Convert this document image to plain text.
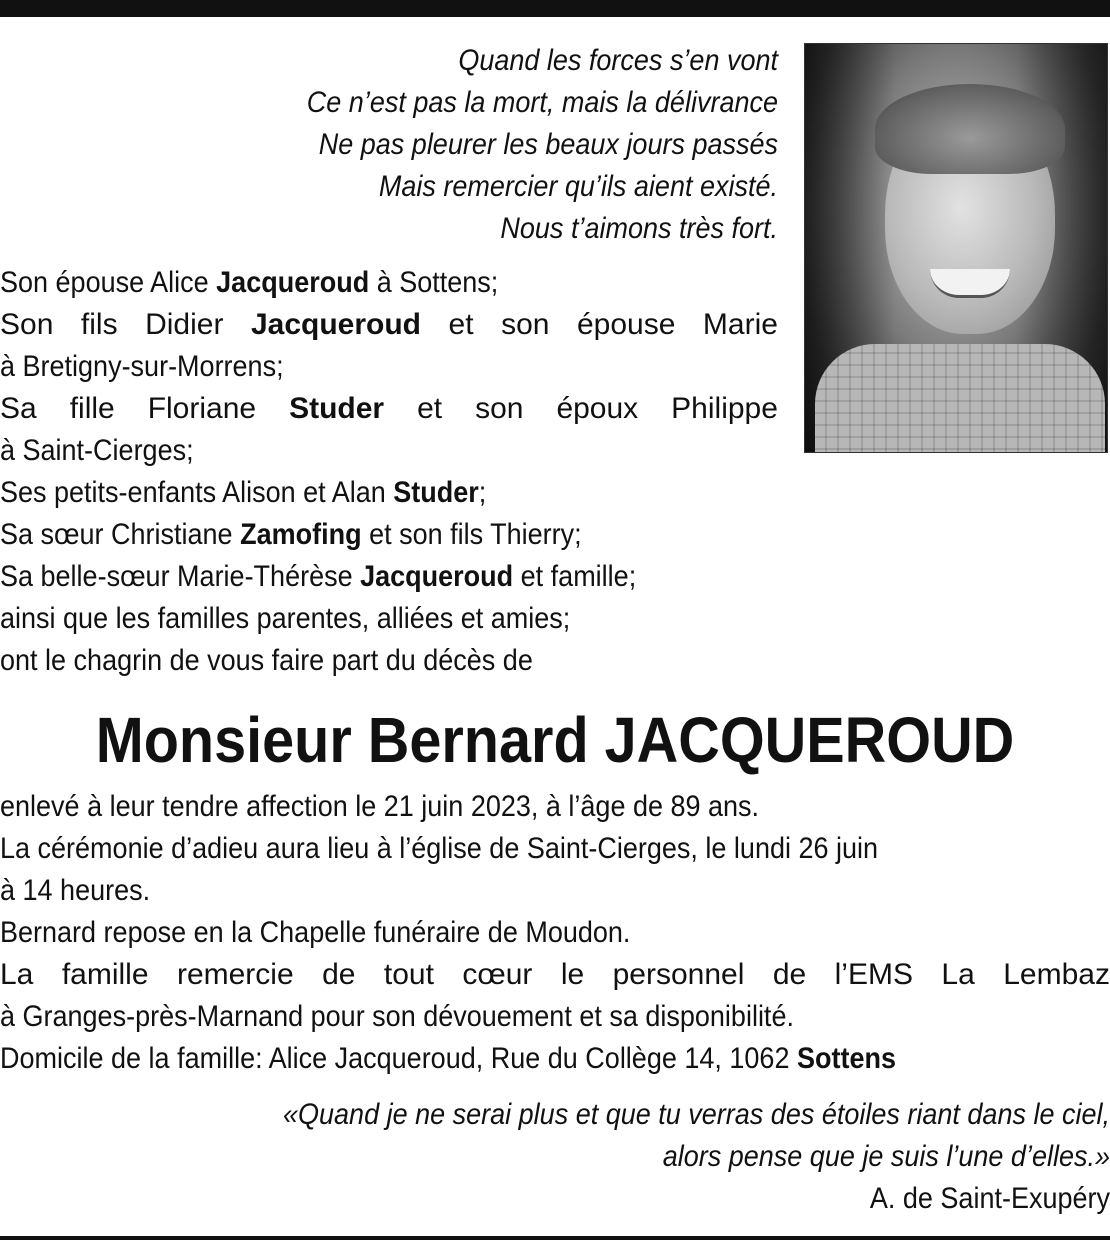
Quand les forces s’en vont
Ce n’est pas la mort, mais la délivrance
Ne pas pleurer les beaux jours passés
Mais remercier qu’ils aient existé.
Nous t’aimons très fort.
Son épouse Alice Jacqueroud à Sottens;
Son fils Didier Jacqueroud et son épouse Marie
à Bretigny-sur-Morrens;
Sa fille Floriane Studer et son époux Philippe
à Saint-Cierges;
Ses petits-enfants Alison et Alan Studer;
Sa sœur Christiane Zamofing et son fils Thierry;
Sa belle-sœur Marie-Thérèse Jacqueroud et famille;
ainsi que les familles parentes, alliées et amies;
ont le chagrin de vous faire part du décès de
Monsieur Bernard JACQUEROUD
enlevé à leur tendre affection le 21 juin 2023, à l’âge de 89 ans.
La cérémonie d’adieu aura lieu à l’église de Saint-Cierges, le lundi 26 juin
à 14 heures.
Bernard repose en la Chapelle funéraire de Moudon.
La famille remercie de tout cœur le personnel de l’EMS La Lembaz
à Granges-près-Marnand pour son dévouement et sa disponibilité.
Domicile de la famille: Alice Jacqueroud, Rue du Collège 14, 1062 Sottens
«Quand je ne serai plus et que tu verras des étoiles riant dans le ciel,
alors pense que je suis l’une d’elles.»
A. de Saint-Exupéry
